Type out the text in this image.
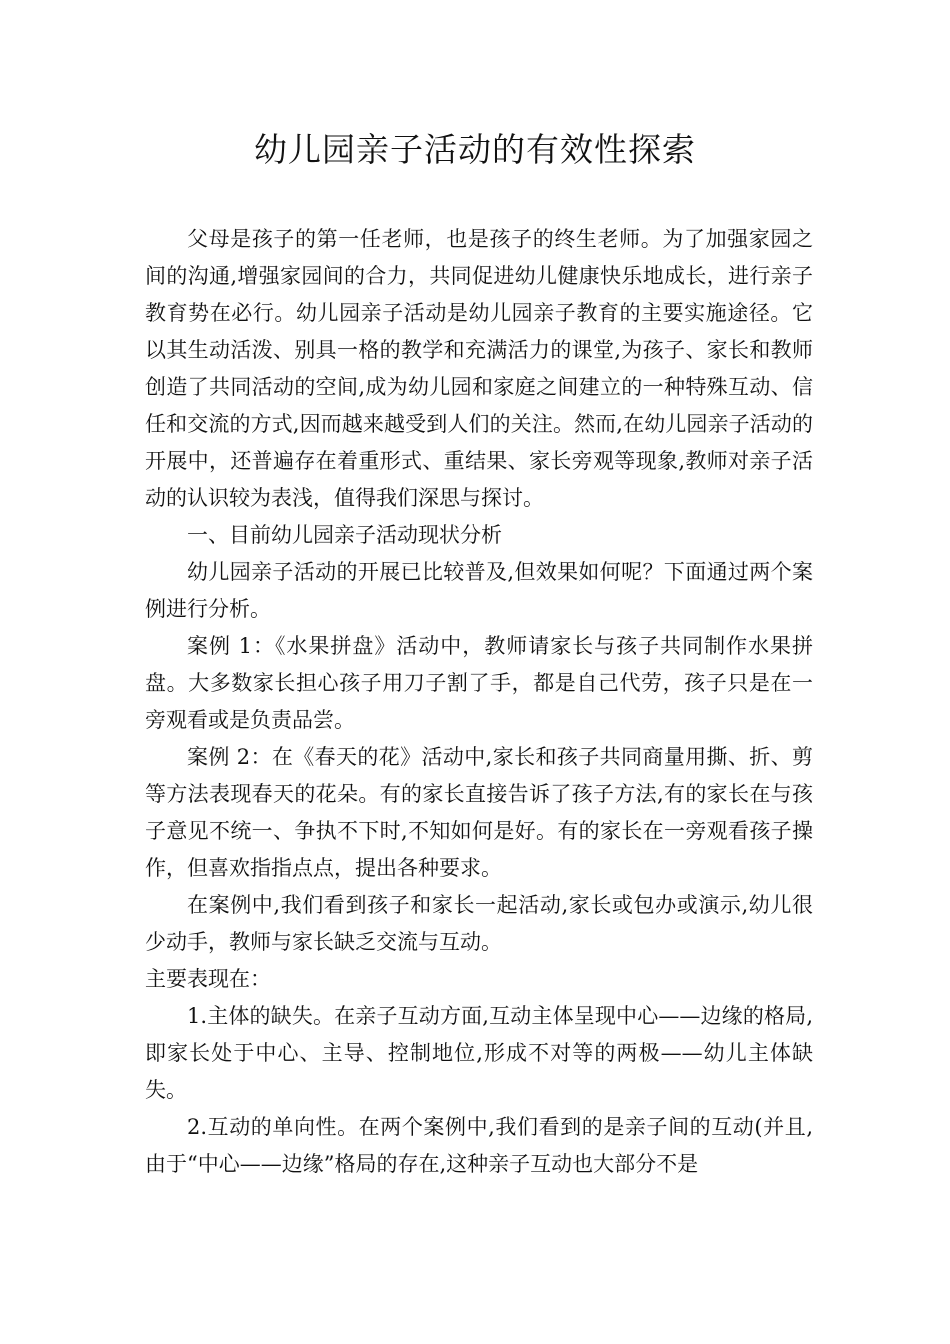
幼儿园亲子活动的有效性探索

父母是孩子的第一任老师，也是孩子的终生老师。为了加强家园之间的沟通,增强家园间的合力，共同促进幼儿健康快乐地成长，进行亲子教育势在必行。幼儿园亲子活动是幼儿园亲子教育的主要实施途径。它以其生动活泼、别具一格的教学和充满活力的课堂,为孩子、家长和教师创造了共同活动的空间,成为幼儿园和家庭之间建立的一种特殊互动、信任和交流的方式,因而越来越受到人们的关注。然而,在幼儿园亲子活动的开展中，还普遍存在着重形式、重结果、家长旁观等现象,教师对亲子活动的认识较为表浅，值得我们深思与探讨。

一、目前幼儿园亲子活动现状分析

幼儿园亲子活动的开展已比较普及,但效果如何呢？下面通过两个案例进行分析。

案例 1：《水果拼盘》活动中，教师请家长与孩子共同制作水果拼盘。大多数家长担心孩子用刀子割了手，都是自己代劳，孩子只是在一旁观看或是负责品尝。

案例 2：在《春天的花》活动中,家长和孩子共同商量用撕、折、剪等方法表现春天的花朵。有的家长直接告诉了孩子方法,有的家长在与孩子意见不统一、争执不下时,不知如何是好。有的家长在一旁观看孩子操作，但喜欢指指点点，提出各种要求。

在案例中,我们看到孩子和家长一起活动,家长或包办或演示,幼儿很少动手，教师与家长缺乏交流与互动。

主要表现在：

1.主体的缺失。在亲子互动方面,互动主体呈现中心——边缘的格局,即家长处于中心、主导、控制地位,形成不对等的两极——幼儿主体缺失。

2.互动的单向性。在两个案例中,我们看到的是亲子间的互动(并且,由于“中心——边缘”格局的存在,这种亲子互动也大部分不是
